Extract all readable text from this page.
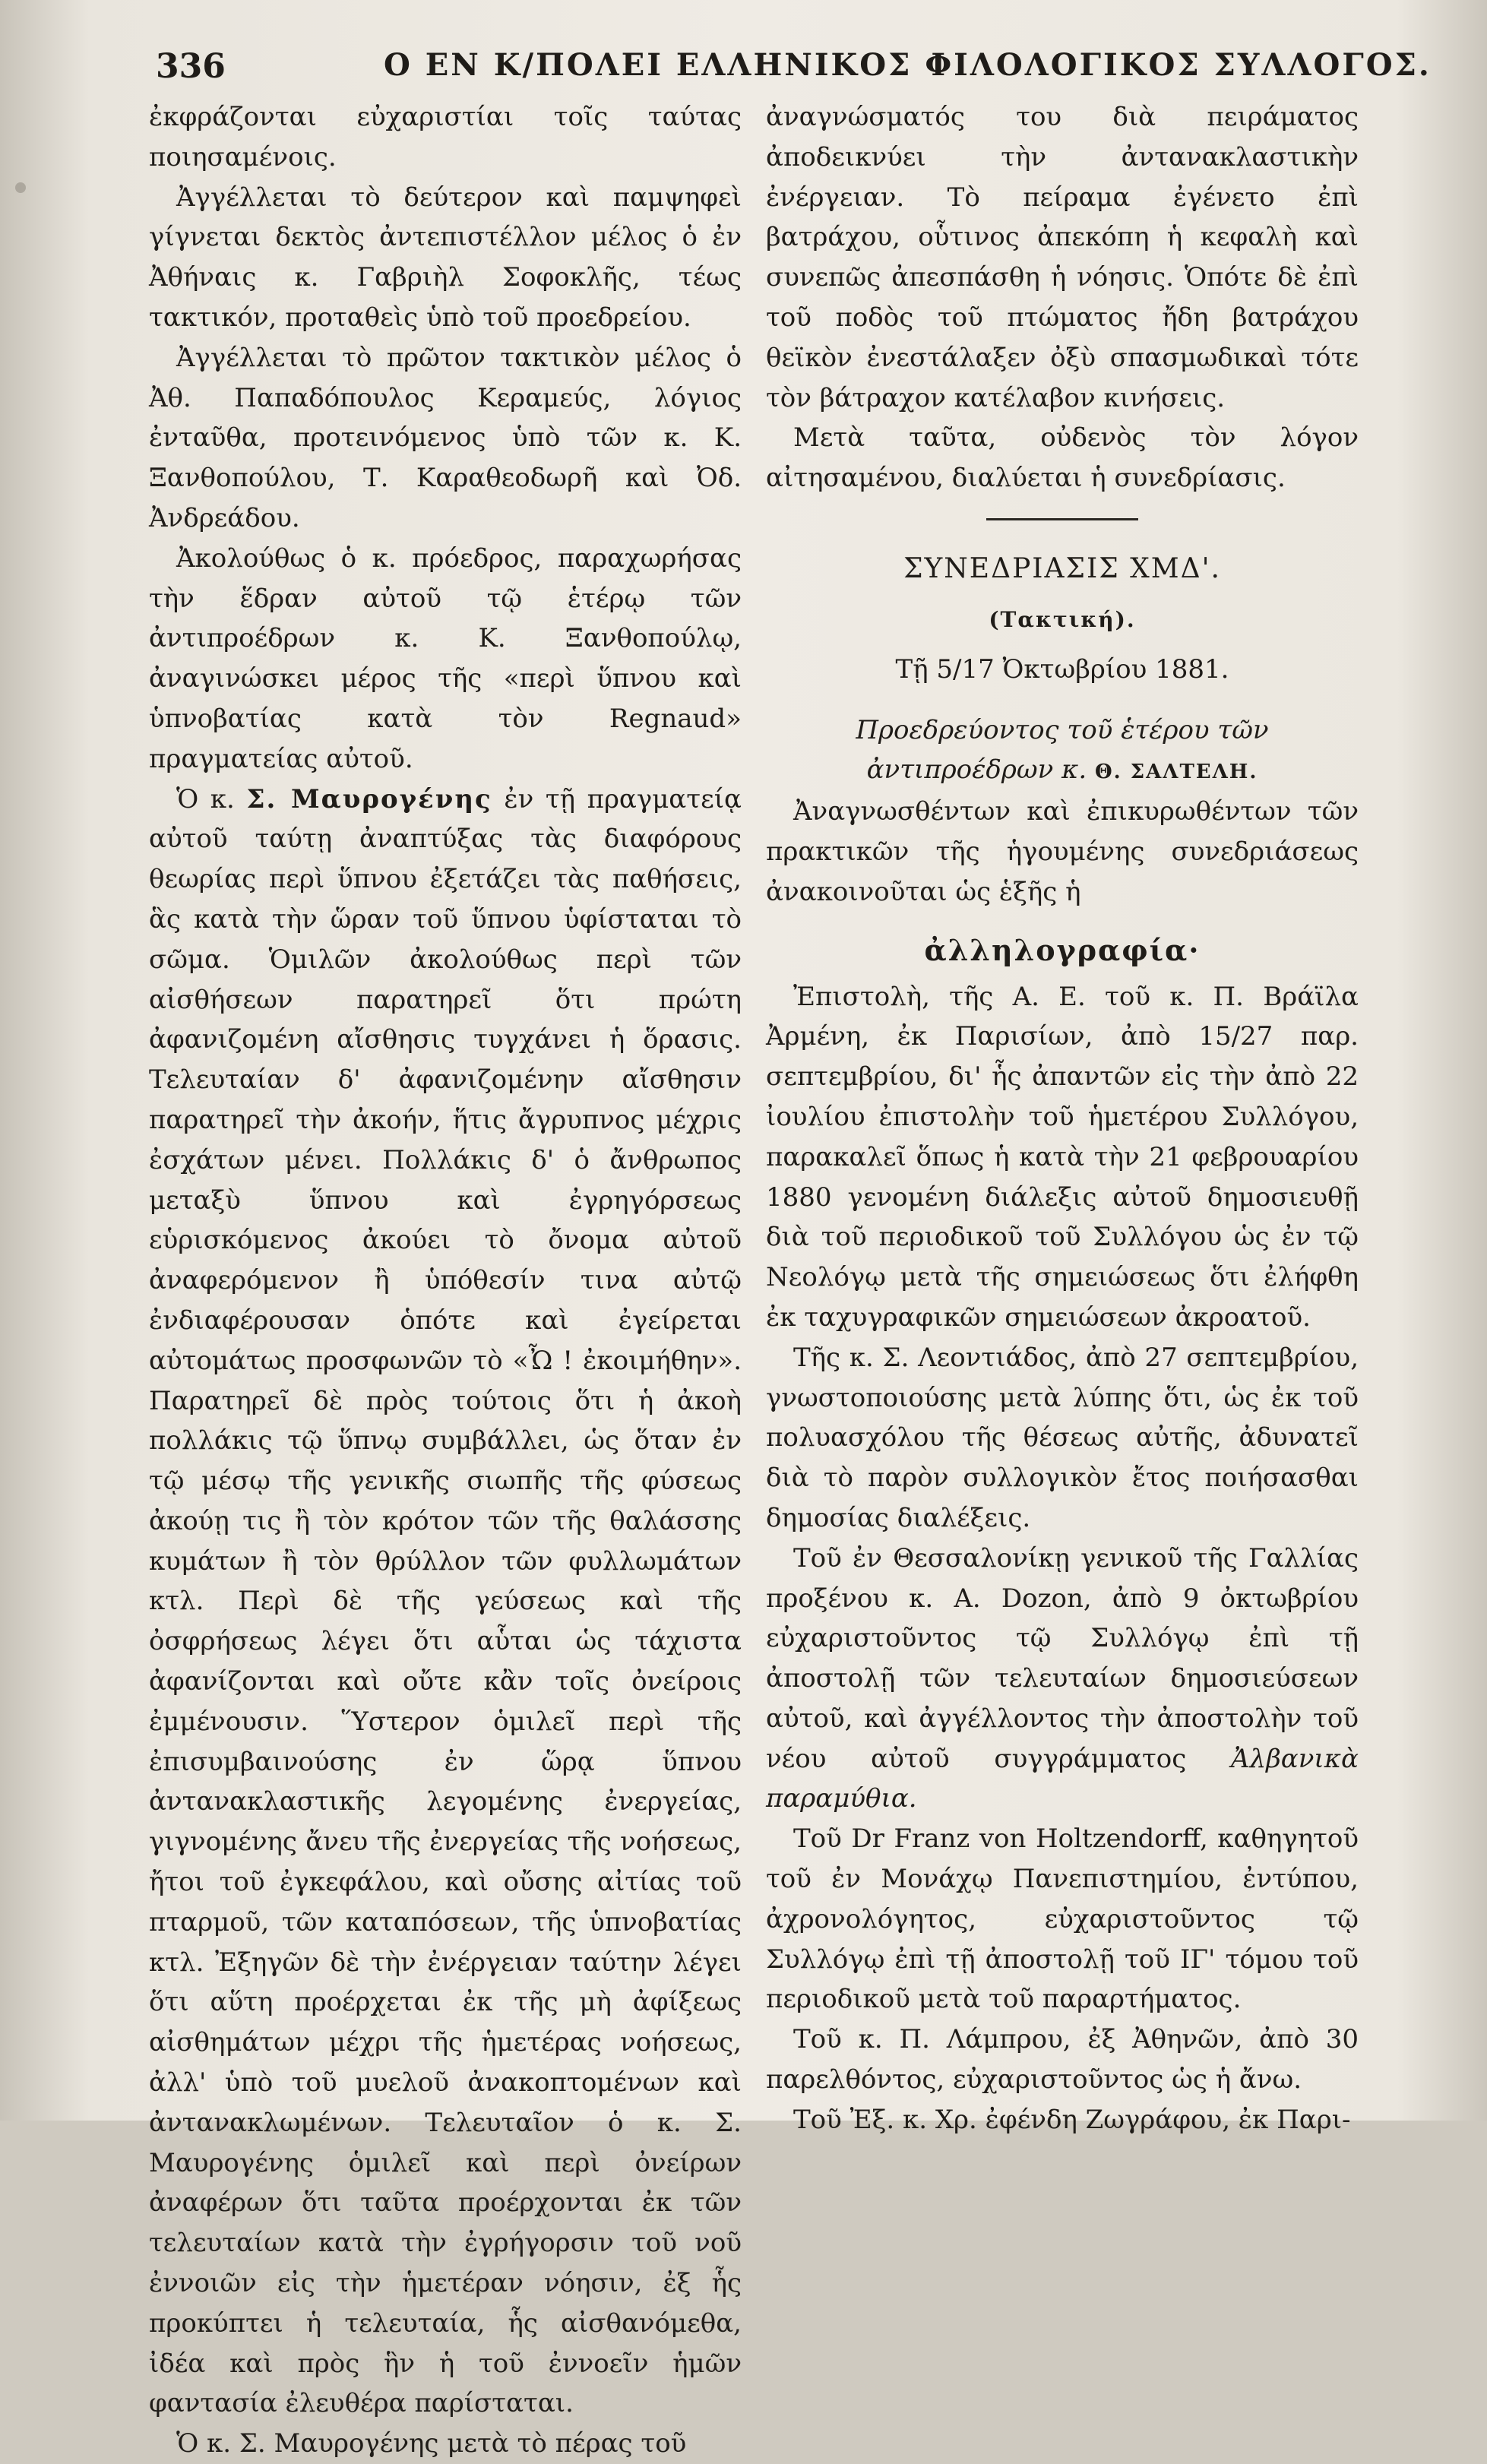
336	Ο ΕΝ Κ/ΠΟΛΕΙ ΕΛΛΗΝΙΚΟΣ ΦΙΛΟΛΟΓΙΚΟΣ ΣΥΛΛΟΓΟΣ.

ἐκφράζονται εὐχαριστίαι τοῖς ταύτας ποιησαμένοις.

Ἀγγέλλεται τὸ δεύτερον καὶ παμψηφεὶ γίγνεται δεκτὸς ἀντεπιστέλλον μέλος ὁ ἐν Ἀθήναις κ. Γαβριὴλ Σοφοκλῆς, τέως τακτικόν, προταθεὶς ὑπὸ τοῦ προεδρείου.

Ἀγγέλλεται τὸ πρῶτον τακτικὸν μέλος ὁ Ἀθ. Παπαδόπουλος Κεραμεύς, λόγιος ἐνταῦθα, προτεινόμενος ὑπὸ τῶν κ. Κ. Ξανθοπούλου, Τ. Καραθεοδωρῆ καὶ Ὀδ. Ἀνδρεάδου.

Ἀκολούθως ὁ κ. πρόεδρος, παραχωρήσας τὴν ἕδραν αὐτοῦ τῷ ἑτέρῳ τῶν ἀντιπροέδρων κ. Κ. Ξανθοπούλῳ, ἀναγινώσκει μέρος τῆς «περὶ ὕπνου καὶ ὑπνοβατίας κατὰ τὸν Regnaud» πραγματείας αὐτοῦ.

Ὁ κ. Σ. Μαυρογένης ἐν τῇ πραγματείᾳ αὐτοῦ ταύτῃ ἀναπτύξας τὰς διαφόρους θεωρίας περὶ ὕπνου ἐξετάζει τὰς παθήσεις, ἃς κατὰ τὴν ὥραν τοῦ ὕπνου ὑφίσταται τὸ σῶμα. Ὁμιλῶν ἀκολούθως περὶ τῶν αἰσθήσεων παρατηρεῖ ὅτι πρώτη ἀφανιζομένη αἴσθησις τυγχάνει ἡ ὅρασις. Τελευταίαν δ' ἀφανιζομένην αἴσθησιν παρατηρεῖ τὴν ἀκοήν, ἥτις ἄγρυπνος μέχρις ἐσχάτων μένει. Πολλάκις δ' ὁ ἄνθρωπος μεταξὺ ὕπνου καὶ ἐγρηγόρσεως εὑρισκόμενος ἀκούει τὸ ὄνομα αὐτοῦ ἀναφερόμενον ἢ ὑπόθεσίν τινα αὐτῷ ἐνδιαφέρουσαν ὁπότε καὶ ἐγείρεται αὐτομάτως προσφωνῶν τὸ «Ὦ ! ἐκοιμήθην». Παρατηρεῖ δὲ πρὸς τούτοις ὅτι ἡ ἀκοὴ πολλάκις τῷ ὕπνῳ συμβάλλει, ὡς ὅταν ἐν τῷ μέσῳ τῆς γενικῆς σιωπῆς τῆς φύσεως ἀκούῃ τις ἢ τὸν κρότον τῶν τῆς θαλάσσης κυμάτων ἢ τὸν θρύλλον τῶν φυλλωμάτων κτλ. Περὶ δὲ τῆς γεύσεως καὶ τῆς ὀσφρήσεως λέγει ὅτι αὗται ὡς τάχιστα ἀφανίζονται καὶ οὔτε κἂν τοῖς ὀνείροις ἐμμένουσιν. Ὕστερον ὁμιλεῖ περὶ τῆς ἐπισυμβαινούσης ἐν ὥρᾳ ὕπνου ἀντανακλαστικῆς λεγομένης ἐνεργείας, γιγνομένης ἄνευ τῆς ἐνεργείας τῆς νοήσεως, ἤτοι τοῦ ἐγκεφάλου, καὶ οὔσης αἰτίας τοῦ πταρμοῦ, τῶν καταπόσεων, τῆς ὑπνοβατίας κτλ. Ἐξηγῶν δὲ τὴν ἐνέργειαν ταύτην λέγει ὅτι αὕτη προέρχεται ἐκ τῆς μὴ ἀφίξεως αἰσθημάτων μέχρι τῆς ἡμετέρας νοήσεως, ἀλλ' ὑπὸ τοῦ μυελοῦ ἀνακοπτομένων καὶ ἀντανακλωμένων. Τελευταῖον ὁ κ. Σ. Μαυρογένης ὁμιλεῖ καὶ περὶ ὀνείρων ἀναφέρων ὅτι ταῦτα προέρχονται ἐκ τῶν τελευταίων κατὰ τὴν ἐγρήγορσιν τοῦ νοῦ ἐννοιῶν εἰς τὴν ἡμετέραν νόησιν, ἐξ ἧς προκύπτει ἡ τελευταία, ἧς αἰσθανόμεθα, ἰδέα καὶ πρὸς ἣν ἡ τοῦ ἐννοεῖν ἡμῶν φαντασία ἐλευθέρα παρίσταται.

Ὁ κ. Σ. Μαυρογένης μετὰ τὸ πέρας τοῦ

ἀναγνώσματός του διὰ πειράματος ἀποδεικνύει τὴν ἀντανακλαστικὴν ἐνέργειαν. Τὸ πείραμα ἐγένετο ἐπὶ βατράχου, οὗτινος ἀπεκόπη ἡ κεφαλὴ καὶ συνεπῶς ἀπεσπάσθη ἡ νόησις. Ὁπότε δὲ ἐπὶ τοῦ ποδὸς τοῦ πτώματος ἤδη βατράχου θεϊκὸν ἐνεστάλαξεν ὀξὺ σπασμωδικαὶ τότε τὸν βάτραχον κατέλαβον κινήσεις.

Μετὰ ταῦτα, οὐδενὸς τὸν λόγον αἰτησαμένου, διαλύεται ἡ συνεδρίασις.

ΣΥΝΕΔΡΙΑΣΙΣ ΧΜΔ'.
(Τακτική).
Τῇ 5/17 Ὀκτωβρίου 1881.
Προεδρεύοντος τοῦ ἑτέρου τῶν ἀντιπροέδρων κ. Θ. ΣΑΛΤΕΛΗ.

Ἀναγνωσθέντων καὶ ἐπικυρωθέντων τῶν πρακτικῶν τῆς ἡγουμένης συνεδριάσεως ἀνακοινοῦται ὡς ἑξῆς ἡ

ἀλληλογραφία·

Ἐπιστολὴ, τῆς Α. Ε. τοῦ κ. Π. Βράϊλα Ἀρμένη, ἐκ Παρισίων, ἀπὸ 15/27 παρ. σεπτεμβρίου, δι' ἧς ἀπαντῶν εἰς τὴν ἀπὸ 22 ἰουλίου ἐπιστολὴν τοῦ ἡμετέρου Συλλόγου, παρακαλεῖ ὅπως ἡ κατὰ τὴν 21 φεβρουαρίου 1880 γενομένη διάλεξις αὐτοῦ δημοσιευθῇ διὰ τοῦ περιοδικοῦ τοῦ Συλλόγου ὡς ἐν τῷ Νεολόγῳ μετὰ τῆς σημειώσεως ὅτι ἐλήφθη ἐκ ταχυγραφικῶν σημειώσεων ἀκροατοῦ.

Τῆς κ. Σ. Λεοντιάδος, ἀπὸ 27 σεπτεμβρίου, γνωστοποιούσης μετὰ λύπης ὅτι, ὡς ἐκ τοῦ πολυασχόλου τῆς θέσεως αὐτῆς, ἀδυνατεῖ διὰ τὸ παρὸν συλλογικὸν ἔτος ποιήσασθαι δημοσίας διαλέξεις.

Τοῦ ἐν Θεσσαλονίκῃ γενικοῦ τῆς Γαλλίας προξένου κ. Α. Dozon, ἀπὸ 9 ὀκτωβρίου εὐχαριστοῦντος τῷ Συλλόγῳ ἐπὶ τῇ ἀποστολῇ τῶν τελευταίων δημοσιεύσεων αὐτοῦ, καὶ ἀγγέλλοντος τὴν ἀποστολὴν τοῦ νέου αὐτοῦ συγγράμματος Ἀλβανικὰ παραμύθια.

Τοῦ Dr Franz von Holtzendorff, καθηγητοῦ τοῦ ἐν Μονάχῳ Πανεπιστημίου, ἐντύπου, ἀχρονολόγητος, εὐχαριστοῦντος τῷ Συλλόγῳ ἐπὶ τῇ ἀποστολῇ τοῦ ΙΓ' τόμου τοῦ περιοδικοῦ μετὰ τοῦ παραρτήματος.

Τοῦ κ. Π. Λάμπρου, ἐξ Ἀθηνῶν, ἀπὸ 30 παρελθόντος, εὐχαριστοῦντος ὡς ἡ ἄνω.

Τοῦ Ἐξ. κ. Χρ. ἐφένδη Ζωγράφου, ἐκ Παρι-
